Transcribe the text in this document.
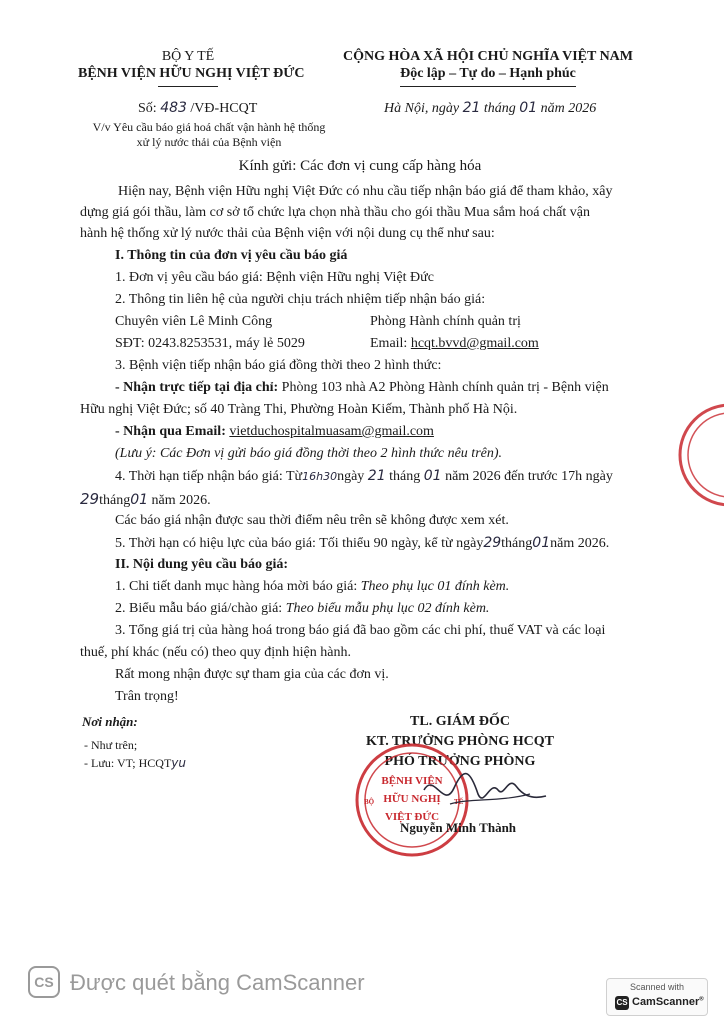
BỘ Y TẾ
BỆNH VIỆN HỮU NGHỊ VIỆT ĐỨC
Số: 483 /VĐ-HCQT
V/v Yêu cầu báo giá hoá chất vận hành hệ thống
xử lý nước thải của Bệnh viện
CỘNG HÒA XÃ HỘI CHỦ NGHĨA VIỆT NAM
Độc lập – Tự do – Hạnh phúc
Hà Nội, ngày 21 tháng 01 năm 2026
Kính gửi: Các đơn vị cung cấp hàng hóa
Hiện nay, Bệnh viện Hữu nghị Việt Đức có nhu cầu tiếp nhận báo giá để tham khảo, xây
dựng giá gói thầu, làm cơ sở tổ chức lựa chọn nhà thầu cho gói thầu Mua sắm hoá chất vận
hành hệ thống xử lý nước thải của Bệnh viện với nội dung cụ thể như sau:
I. Thông tin của đơn vị yêu cầu báo giá
1. Đơn vị yêu cầu báo giá: Bệnh viện Hữu nghị Việt Đức
2. Thông tin liên hệ của người chịu trách nhiệm tiếp nhận báo giá:
Chuyên viên Lê Minh Công	Phòng Hành chính quản trị
SĐT: 0243.8253531, máy lẻ 5029	Email: hcqt.bvvd@gmail.com
3. Bệnh viện tiếp nhận báo giá đồng thời theo 2 hình thức:
- Nhận trực tiếp tại địa chỉ: Phòng 103 nhà A2 Phòng Hành chính quản trị - Bệnh viện
Hữu nghị Việt Đức; số 40 Tràng Thi, Phường Hoàn Kiếm, Thành phố Hà Nội.
- Nhận qua Email: vietduchospitalmuasam@gmail.com
(Lưu ý: Các Đơn vị gửi báo giá đồng thời theo 2 hình thức nêu trên).
4. Thời hạn tiếp nhận báo giá: Từ16h30ngày 21 tháng 01 năm 2026 đến trước 17h ngày
29tháng01 năm 2026.
Các báo giá nhận được sau thời điểm nêu trên sẽ không được xem xét.
5. Thời hạn có hiệu lực của báo giá: Tối thiểu 90 ngày, kể từ ngày29tháng01năm 2026.
II. Nội dung yêu cầu báo giá:
1. Chi tiết danh mục hàng hóa mời báo giá: Theo phụ lục 01 đính kèm.
2. Biểu mẫu báo giá/chào giá: Theo biểu mẫu phụ lục 02 đính kèm.
3. Tổng giá trị của hàng hoá trong báo giá đã bao gồm các chi phí, thuế VAT và các loại
thuế, phí khác (nếu có) theo quy định hiện hành.
Rất mong nhận được sự tham gia của các đơn vị.
Trân trọng!
Nơi nhận:
- Như trên;
- Lưu: VT; HCQTyu
TL. GIÁM ĐỐC
KT. TRƯỞNG PHÒNG HCQT
PHÓ TRƯỞNG PHÒNG
BỆNH VIỆN
HỮU NGHỊ
VIỆT ĐỨC
BỘ	TẾ
Nguyễn Minh Thành
CS Được quét bằng CamScanner	Scanned with
CS CamScanner®
